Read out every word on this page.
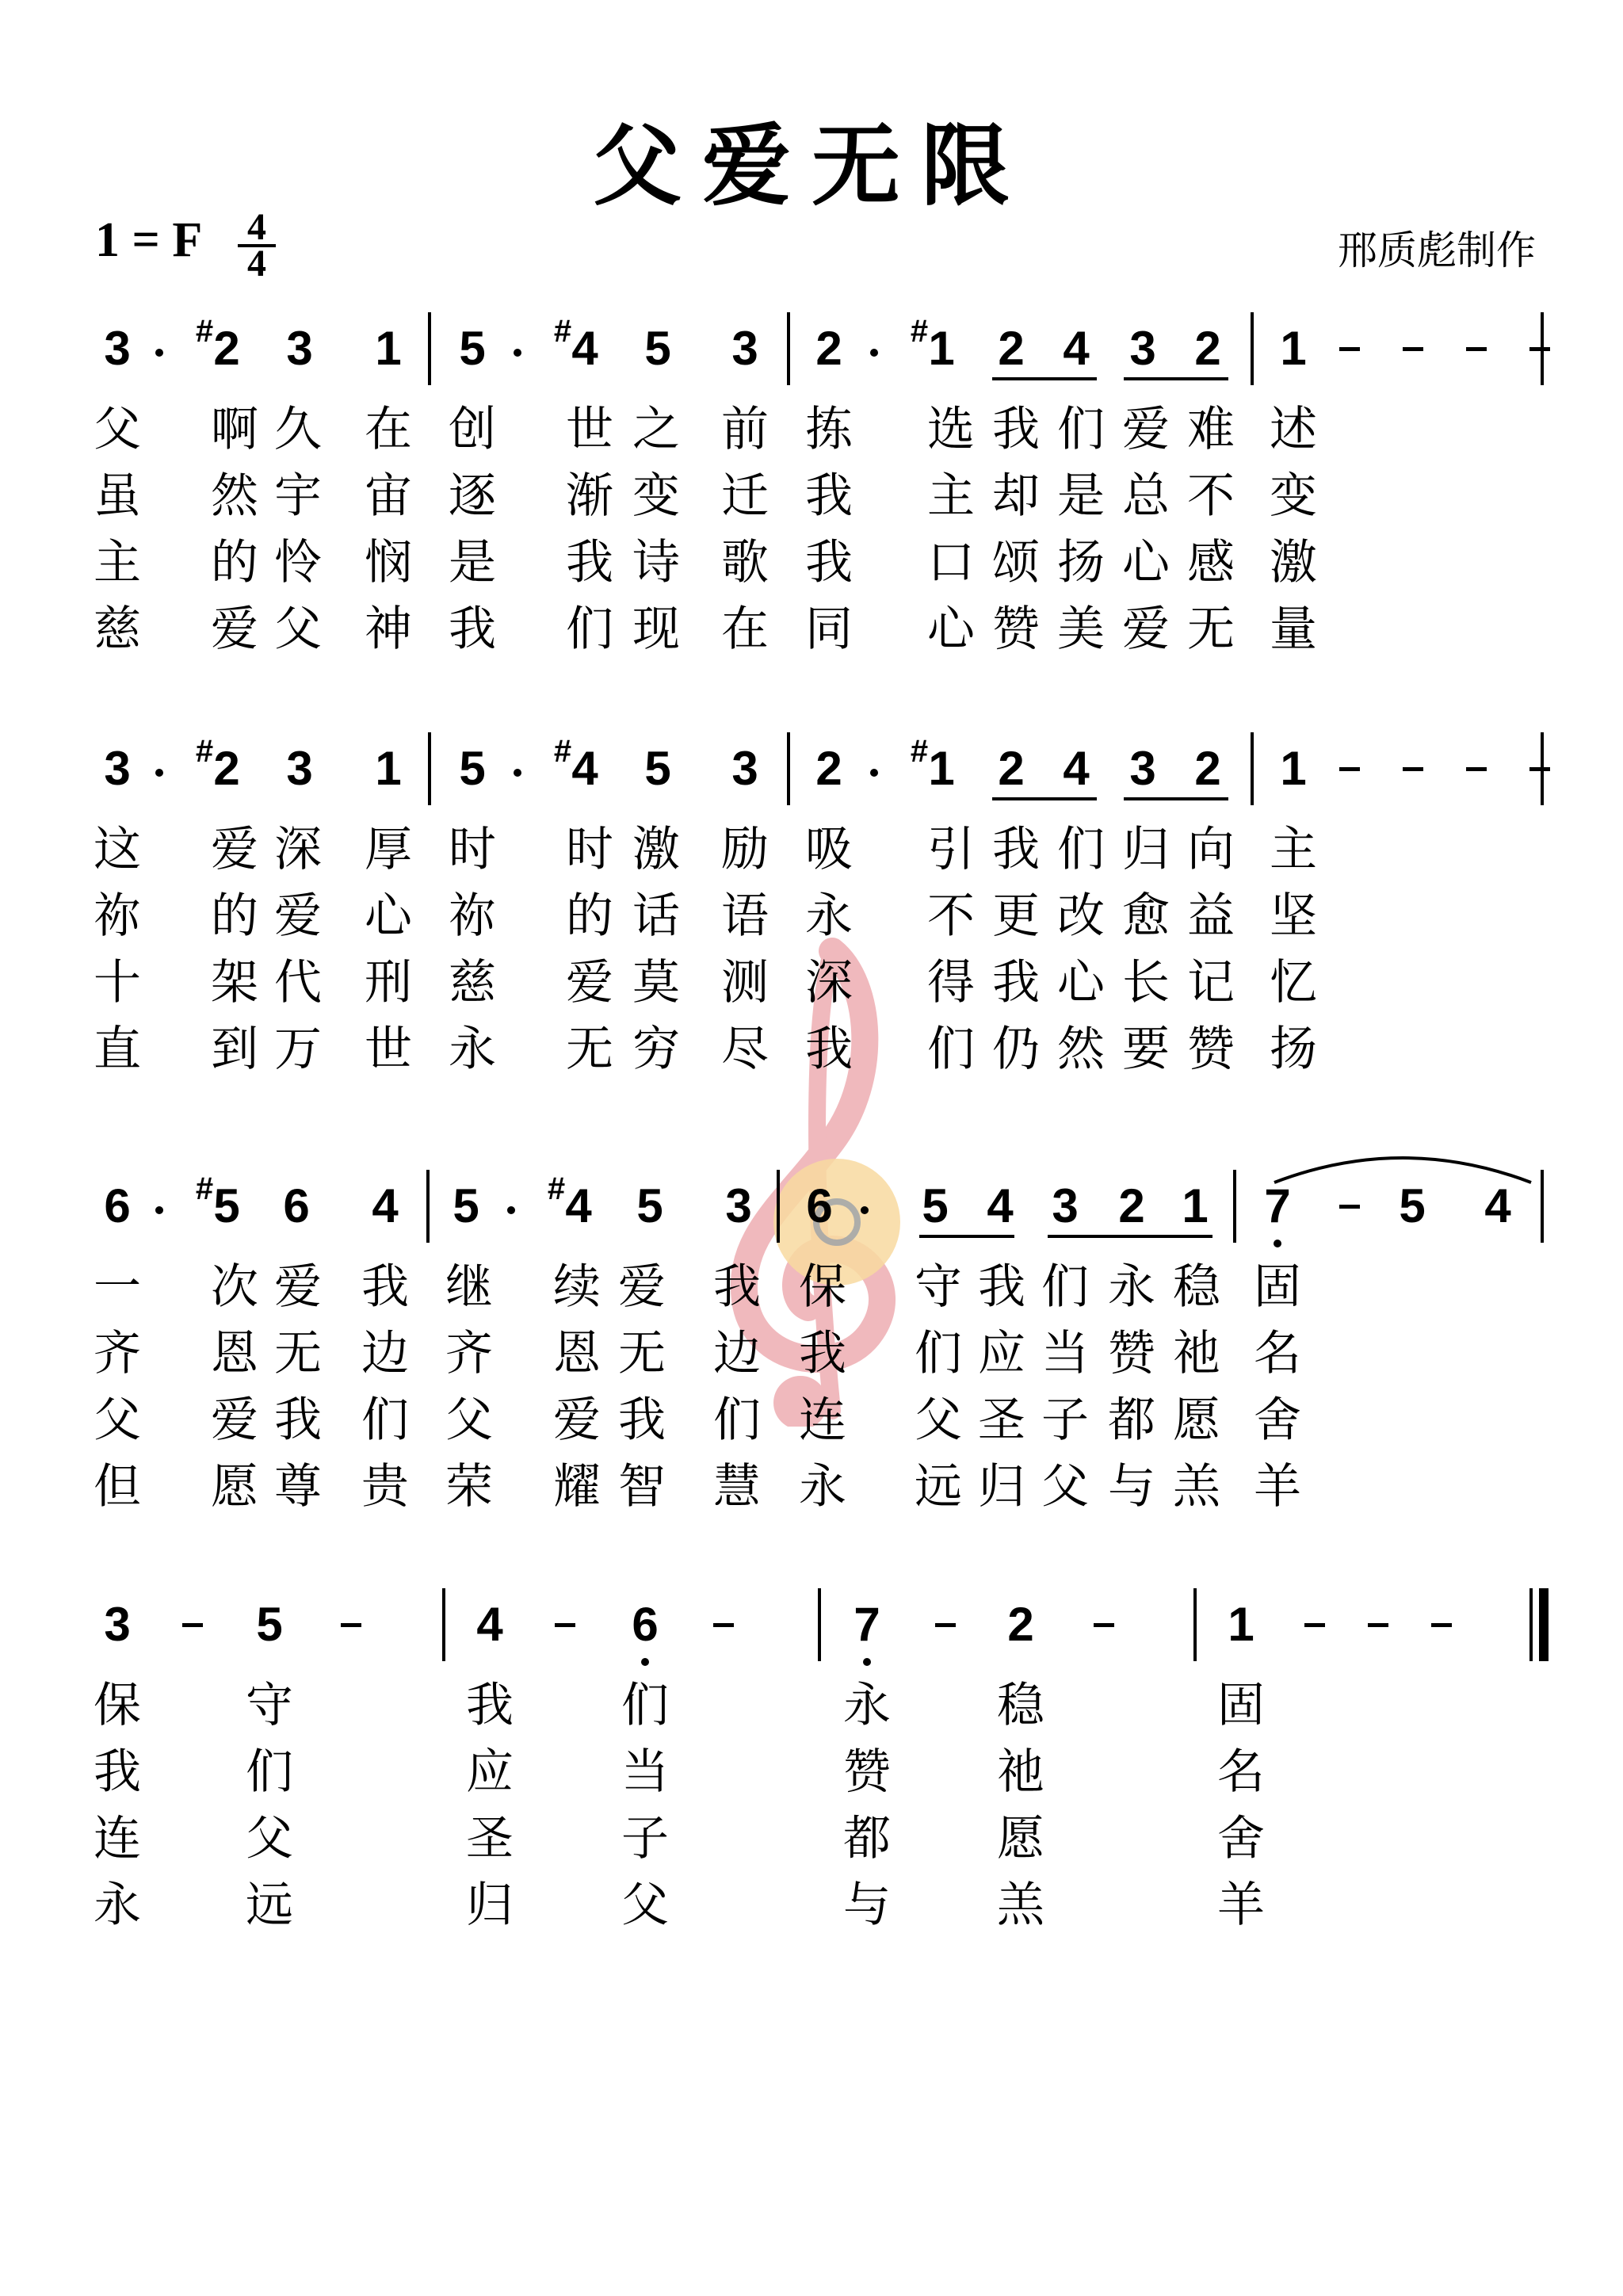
父爱无限
1 = F	4
4	邢质彪制作
3 # 2 3 1 5 # 4 5 3 2 # 1 2 4 3 2 1
父 啊 久 在 创 世 之 前 拣 选 我 们 爱 难 述
虽 然 宇 宙 逐 渐 变 迁 我 主 却 是 总 不 变
主 的 怜 悯 是 我 诗 歌 我 口 颂 扬 心 感 激
慈 爱 父 神 我 们 现 在 同 心 赞 美 爱 无 量
3 # 2 3 1 5 # 4 5 3 2 # 1 2 4 3 2 1
这 爱 深 厚 时 时 激 励 吸 引 我 们 归 向 主
祢 的 爱 心 祢 的 话 语 永 不 更 改 愈 益 坚
十 架 代 刑 慈 爱 莫 测 深 得 我 心 长 记 忆
直 到 万 世 永 无 穷 尽 我 们 仍 然 要 赞 扬
6 # 5 6 4 5 # 4 5 3 6 5 4 3 2 1 7 5 4
一 次 爱 我 继 续 爱 我 保 守 我 们 永 稳 固
齐 恩 无 边 齐 恩 无 边 我 们 应 当 赞 祂 名
父 爱 我 们 父 爱 我 们 连 父 圣 子 都 愿 舍
但 愿 尊 贵 荣 耀 智 慧 永 远 归 父 与 羔 羊
3	5	4	6	7	2	1
保 守	我 们	永 稳	固
我 们	应 当	赞 祂	名
连 父	圣 子	都 愿	舍
永 远	归 父	与 羔	羊
